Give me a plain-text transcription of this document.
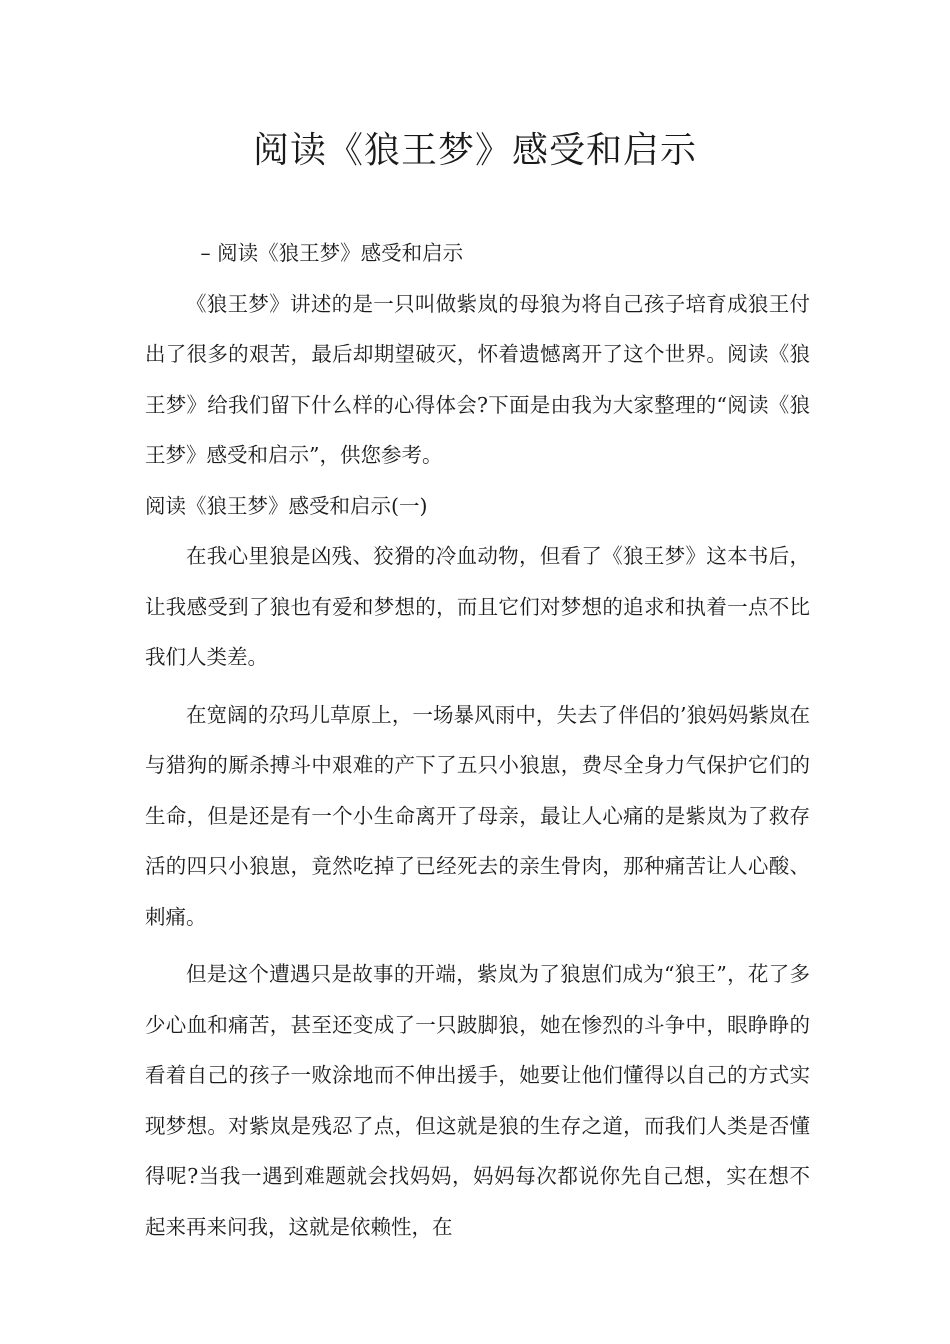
阅读《狼王梦》感受和启示

– 阅读《狼王梦》感受和启示

《狼王梦》讲述的是一只叫做紫岚的母狼为将自己孩子培育成狼王付出了很多的艰苦，最后却期望破灭，怀着遗憾离开了这个世界。阅读《狼王梦》给我们留下什么样的心得体会?下面是由我为大家整理的“阅读《狼王梦》感受和启示”，供您参考。

阅读《狼王梦》感受和启示(一)

在我心里狼是凶残、狡猾的冷血动物，但看了《狼王梦》这本书后，让我感受到了狼也有爱和梦想的，而且它们对梦想的追求和执着一点不比我们人类差。

在宽阔的尕玛儿草原上，一场暴风雨中，失去了伴侣的’狼妈妈紫岚在与猎狗的厮杀搏斗中艰难的产下了五只小狼崽，费尽全身力气保护它们的生命，但是还是有一个小生命离开了母亲，最让人心痛的是紫岚为了救存活的四只小狼崽，竟然吃掉了已经死去的亲生骨肉，那种痛苦让人心酸、刺痛。

但是这个遭遇只是故事的开端，紫岚为了狼崽们成为“狼王”，花了多少心血和痛苦，甚至还变成了一只跛脚狼，她在惨烈的斗争中，眼睁睁的看着自己的孩子一败涂地而不伸出援手，她要让他们懂得以自己的方式实现梦想。对紫岚是残忍了点，但这就是狼的生存之道，而我们人类是否懂得呢?当我一遇到难题就会找妈妈，妈妈每次都说你先自己想，实在想不起来再来问我，这就是依赖性，在
